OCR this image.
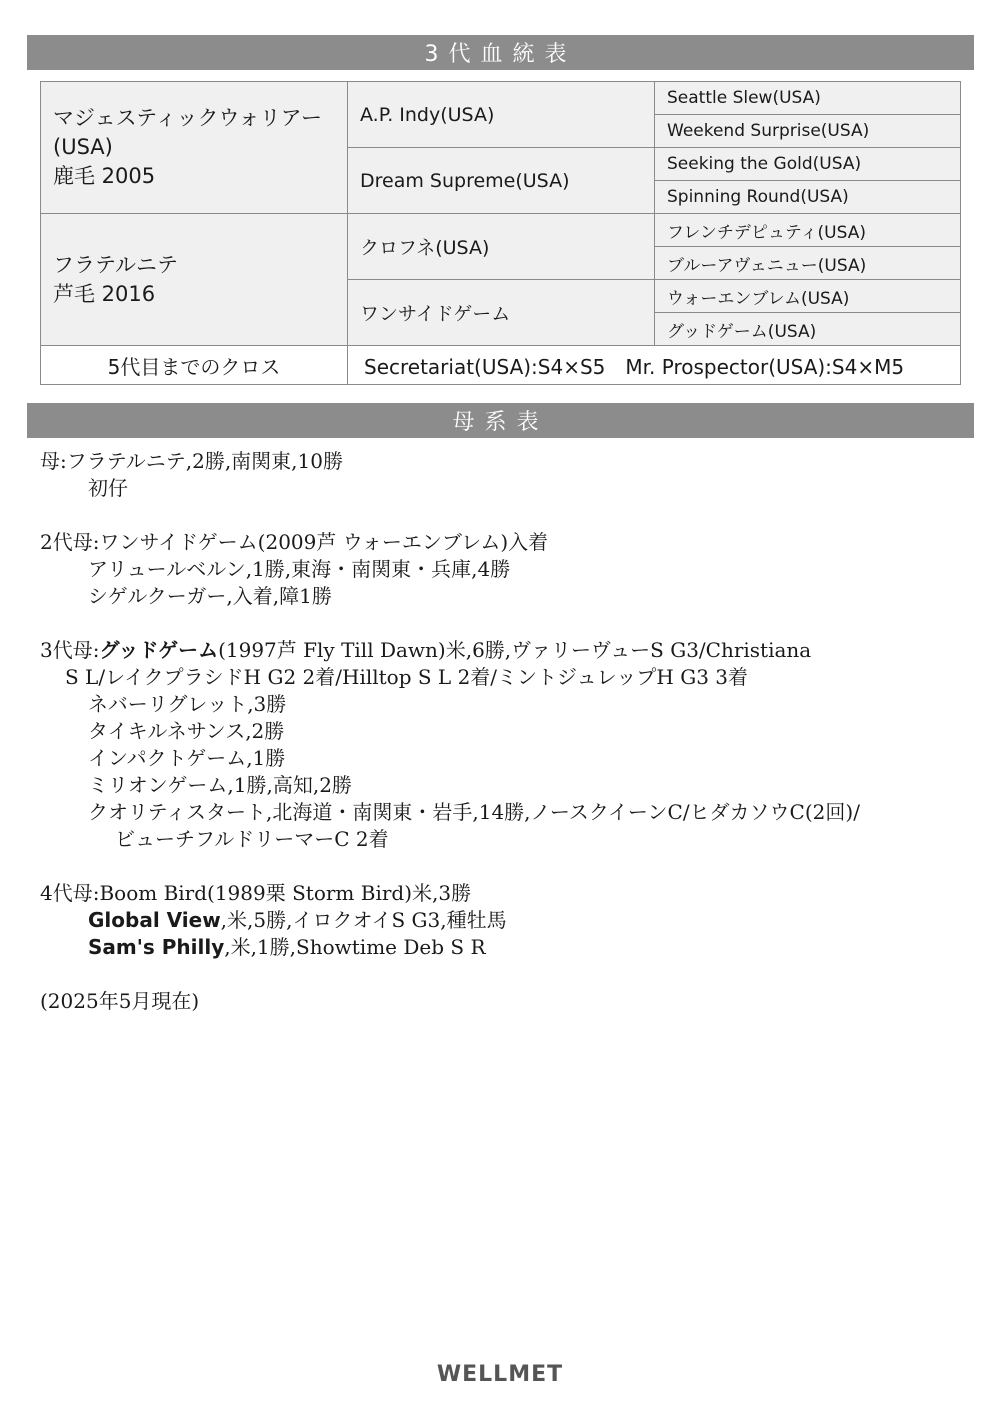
3代血統表
マジェスティックウォリアー
(USA)
鹿毛 2005	A.P. Indy(USA)	Seattle Slew(USA)
		Weekend Surprise(USA)
	Dream Supreme(USA)	Seeking the Gold(USA)
		Spinning Round(USA)

フラテルニテ
芦毛 2016	クロフネ(USA)	フレンチデピュティ(USA)
		ブルーアヴェニュー(USA)
	ワンサイドゲーム	ウォーエンブレム(USA)
		グッドゲーム(USA)
5代目までのクロス	Secretariat(USA):S4×S5　Mr. Prospector(USA):S4×M5	
母系表
母:フラテルニテ,2勝,南関東,10勝
初仔
2代母:ワンサイドゲーム(2009芦 ウォーエンブレム)入着
アリュールベルン,1勝,東海・南関東・兵庫,4勝
シゲルクーガー,入着,障1勝
3代母:グッドゲーム(1997芦 Fly Till Dawn)米,6勝,ヴァリーヴューS G3/Christiana
S L/レイクプラシドH G2 2着/Hilltop S L 2着/ミントジュレップH G3 3着
ネバーリグレット,3勝
タイキルネサンス,2勝
インパクトゲーム,1勝
ミリオンゲーム,1勝,高知,2勝
クオリティスタート,北海道・南関東・岩手,14勝,ノースクイーンC/ヒダカソウC(2回)/
ビューチフルドリーマーC 2着
4代母:Boom Bird(1989栗 Storm Bird)米,3勝
Global View,米,5勝,イロクオイS G3,種牡馬
Sam's Philly,米,1勝,Showtime Deb S R
(2025年5月現在)
WELLMET
